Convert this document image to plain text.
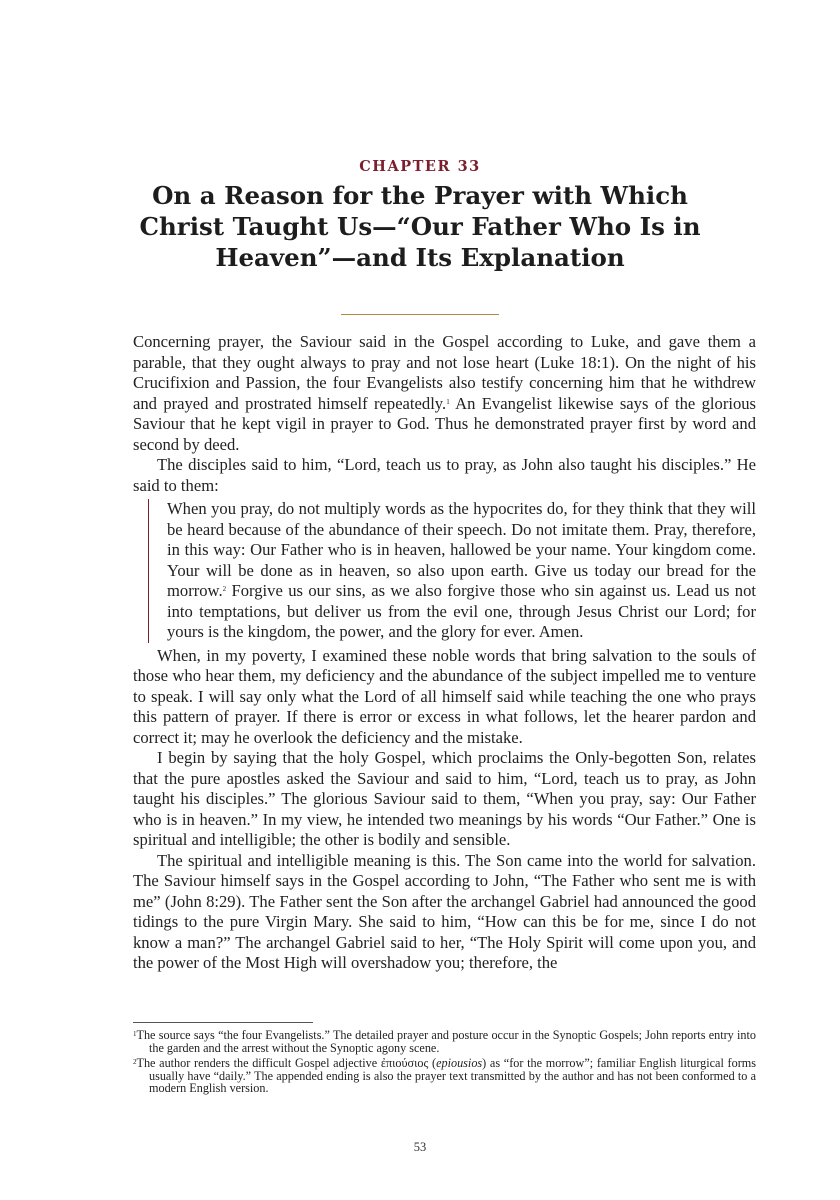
CHAPTER 33
On a Reason for the Prayer with Which Christ Taught Us—“Our Father Who Is in Heaven”—and Its Explanation

Concerning prayer, the Saviour said in the Gospel according to Luke, and gave them a parable, that they ought always to pray and not lose heart (Luke 18:1). On the night of his Crucifixion and Passion, the four Evangelists also testify concerning him that he withdrew and prayed and prostrated himself repeatedly.$^1$ An Evangelist likewise says of the glorious Saviour that he kept vigil in prayer to God. Thus he demonstrated prayer first by word and second by deed.

The disciples said to him, “Lord, teach us to pray, as John also taught his disciples.” He said to them:

When you pray, do not multiply words as the hypocrites do, for they think that they will be heard because of the abundance of their speech. Do not imitate them. Pray, therefore, in this way: Our Father who is in heaven, hallowed be your name. Your kingdom come. Your will be done as in heaven, so also upon earth. Give us today our bread for the morrow.$^2$ Forgive us our sins, as we also forgive those who sin against us. Lead us not into temptations, but deliver us from the evil one, through Jesus Christ our Lord; for yours is the kingdom, the power, and the glory for ever. Amen.

When, in my poverty, I examined these noble words that bring salvation to the souls of those who hear them, my deficiency and the abundance of the subject impelled me to venture to speak. I will say only what the Lord of all himself said while teaching the one who prays this pattern of prayer. If there is error or excess in what follows, let the hearer pardon and correct it; may he overlook the deficiency and the mistake.

I begin by saying that the holy Gospel, which proclaims the Only-begotten Son, relates that the pure apostles asked the Saviour and said to him, “Lord, teach us to pray, as John taught his disciples.” The glorious Saviour said to them, “When you pray, say: Our Father who is in heaven.” In my view, he intended two meanings by his words “Our Father.” One is spiritual and intelligible; the other is bodily and sensible.

The spiritual and intelligible meaning is this. The Son came into the world for salvation. The Saviour himself says in the Gospel according to John, “The Father who sent me is with me” (John 8:29). The Father sent the Son after the archangel Gabriel had announced the good tidings to the pure Virgin Mary. She said to him, “How can this be for me, since I do not know a man?” The archangel Gabriel said to her, “The Holy Spirit will come upon you, and the power of the Most High will overshadow you; therefore, the

$^1$The source says “the four Evangelists.” The detailed prayer and posture occur in the Synoptic Gospels; John reports entry into the garden and the arrest without the Synoptic agony scene.

$^2$The author renders the difficult Gospel adjective ἐπιούσιος (epiousios) as “for the morrow”; familiar English liturgical forms usually have “daily.” The appended ending is also the prayer text transmitted by the author and has not been conformed to a modern English version.

53
